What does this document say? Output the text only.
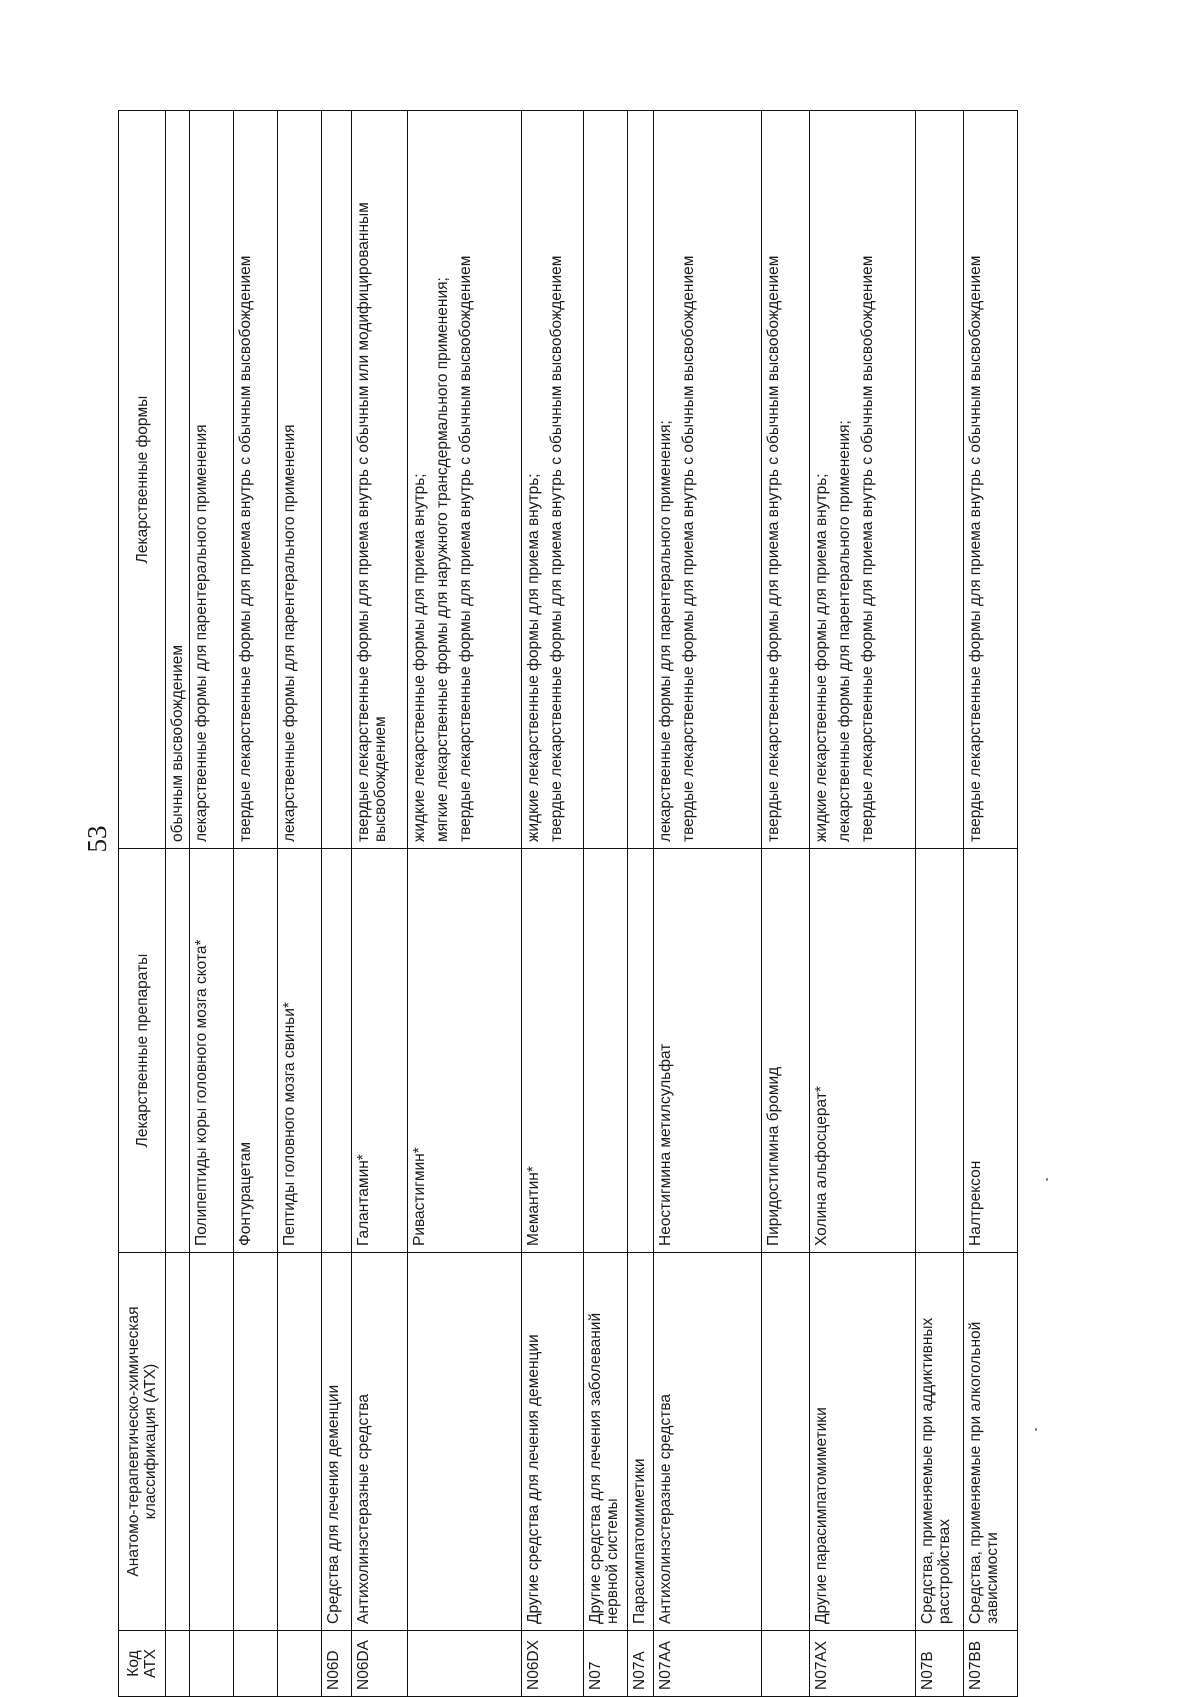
53
Код АТХ	Анатомо-терапевтическо-химическая классификация (АТХ)	Лекарственные препараты	Лекарственные формы

			обычным высвобождением

		Полипептиды коры головного мозга скота*	лекарственные формы для парентерального применения

		Фонтурацетам	твердые лекарственные формы для приема внутрь с обычным высвобождением

		Пептиды головного мозга свиньи*	лекарственные формы для парентерального применения

N06D	Средства для лечения деменции		
N06DA	Антихолинэстеразные средства	Галантамин*	твердые лекарственные формы для приема внутрь с обычным или модифицированным высвобождением

		Ривастигмин*	жидкие лекарственные формы для приема внутрь; мягкие лекарственные формы для наружного трансдермального применения; твердые лекарственные формы для приема внутрь с обычным высвобождением

N06DX	Другие средства для лечения деменции	Мемантин*	жидкие лекарственные формы для приема внутрь; твердые лекарственные формы для приема внутрь с обычным высвобождением

N07	Другие средства для лечения заболеваний нервной системы		
N07A	Парасимпатомиметики		
N07AA	Антихолинэстеразные средства	Неостигмина метилсульфат	лекарственные формы для парентерального применения; твердые лекарственные формы для приема внутрь с обычным высвобождением

		Пиридостигмина бромид	твердые лекарственные формы для приема внутрь с обычным высвобождением

N07AX	Другие парасимпатомиметики	Холина альфосцерат*	жидкие лекарственные формы для приема внутрь; лекарственные формы для парентерального применения; твердые лекарственные формы для приема внутрь с обычным высвобождением

N07B	Средства, применяемые при аддиктивных расстройствах		
N07BB	Средства, применяемые при алкогольной зависимости	Налтрексон	твердые лекарственные формы для приема внутрь с обычным высвобождением
